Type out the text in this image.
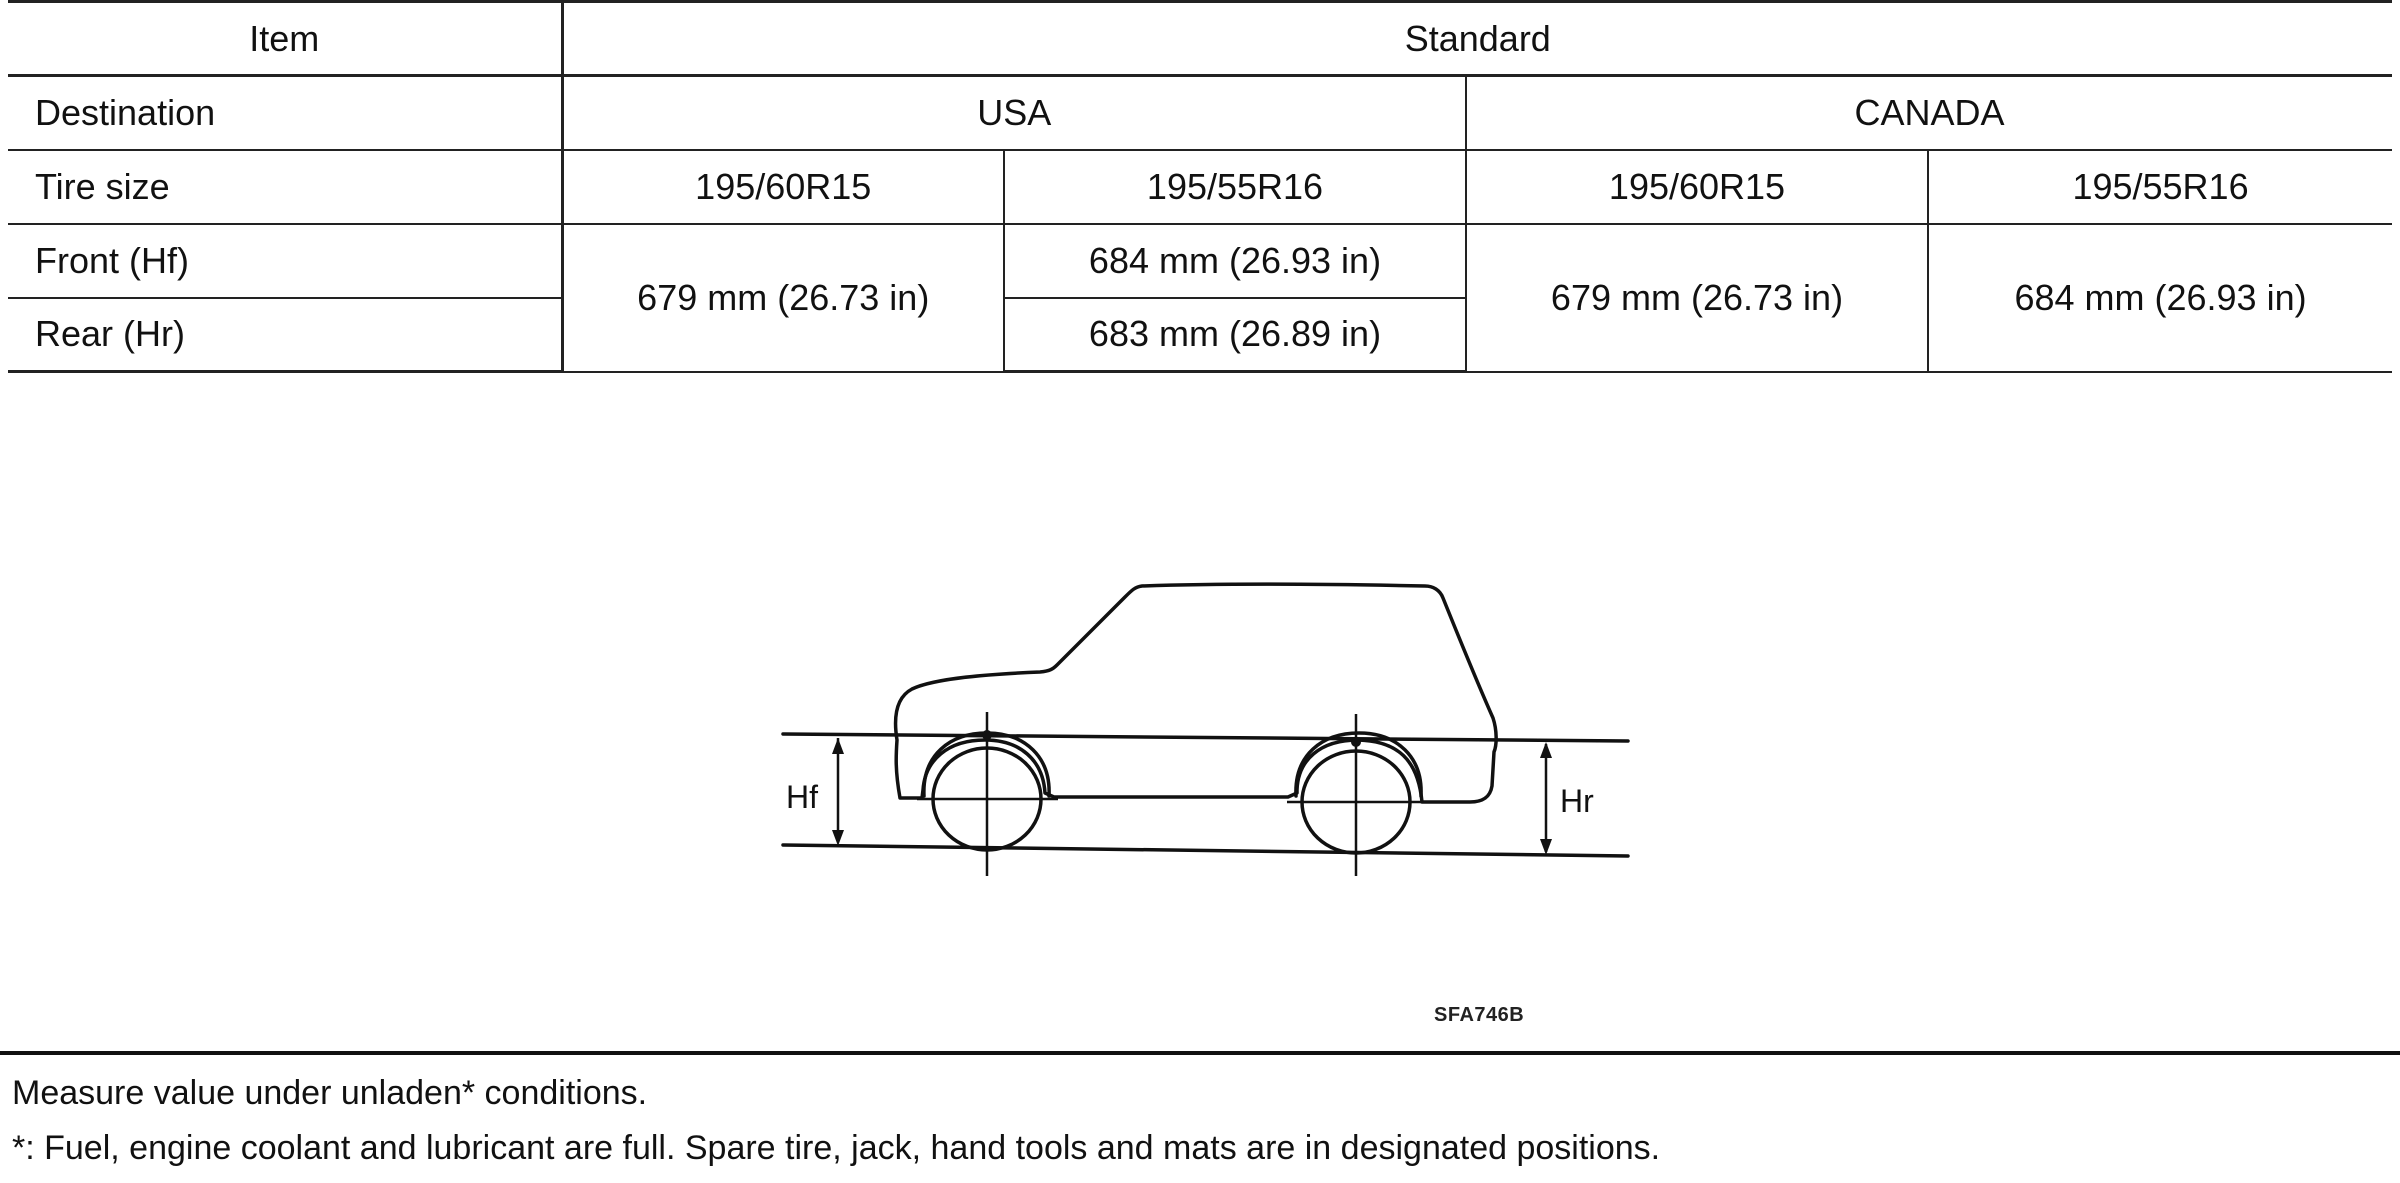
Item	Standard			
Destination	USA		CANADA	
Tire size	195/60R15	195/55R16	195/60R15	195/55R16
Front (Hf)	679 mm (26.73 in)	684 mm (26.93 in)	679 mm (26.73 in)	684 mm (26.93 in)
Rear (Hr)		683 mm (26.89 in)		
Hf	Hr
SFA746B
Measure value under unladen* conditions.
*: Fuel, engine coolant and lubricant are full. Spare tire, jack, hand tools and mats are in designated positions.
